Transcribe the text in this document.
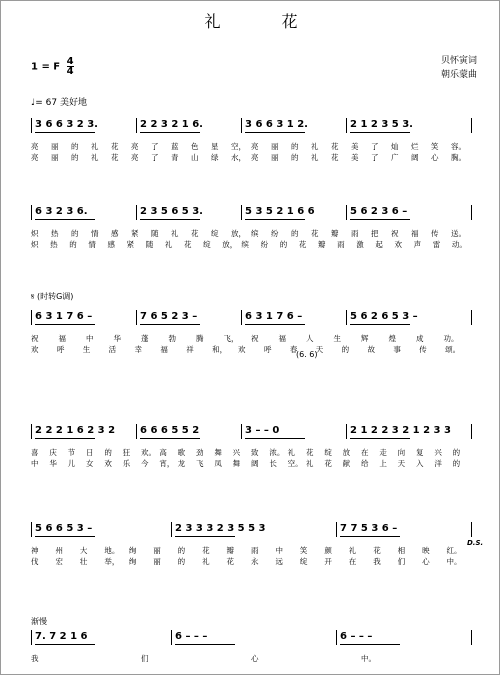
礼 花
1 = F $\frac{4}{4}$	贝怀寅词
朝乐蒙曲
♩= 67 美好地
𝄋 (时转G调)
渐慢
3 6 6 3 2 3.	2 2 3 2 1 6.	3 6 6 3 1 2.	2 1 2 3 5 3.
亮 丽 的 礼 花 亮 了 蓝 色 星 空， 亮 丽 的 礼 花 美 了 灿 烂 笑 容。
亮 丽 的 礼 花 亮 了 青 山 绿 水， 亮 丽 的 礼 花 美 了 广 阔 心 胸。
6 3 2 3 6.	2 3 5 6 5 3.	5 3 5 2 1 6 6	5 6 2 3 6 –
炽 热 的 情 感 紧 随 礼 花 绽 放， 缤 纷 的 花 瓣 雨 把 祝 福 传 送。
炽 热 的 情 感 紧 随 礼 花 绽 放， 缤 纷 的 花 瓣 雨 激 起 欢 声 雷 动。
6 3 1 7 6 –	7 6 5 2 3 –	6 3 1 7 6 –	5 6 2 6 5 3 –
祝	福	中	华	蓬	勃	腾	飞， 祝	福	人	生	辉	煌	成	功。
欢 呼 生 活 幸 福 祥 和， 欢 呼 春 天 的 故 事 传 颂。
2 2 2 1 6 2 3 2 6 6 6 5 5 2	3 – – 0	2 1 2 2 3 2 1 2 3 3
喜 庆 节 日 的 狂 欢。 高 歌 劲 舞 兴 致 浓。 礼 花 绽 放 在 走 向 复 兴 的
中 华 儿 女 欢 乐 今 宵， 龙 飞 凤 舞 阔 长 空。 礼 花 献 给 上 天 入 洋 的
5 6 6 5 3 –	2 3 3 3 2 3 5 5 3	7 7 5 3 6 –
神 州 大 地。 绚 丽 的 花 瓣 雨 中 笑 颜 礼 花 相 映 红。
伐 宏 壮 举， 绚 丽 的 礼 花 永 远 绽 开 在 我 们 心 中。
7. 7 2 1 6	6 – – –	6 – – –
我	们	心	中。
D.S.
(6. 6)
